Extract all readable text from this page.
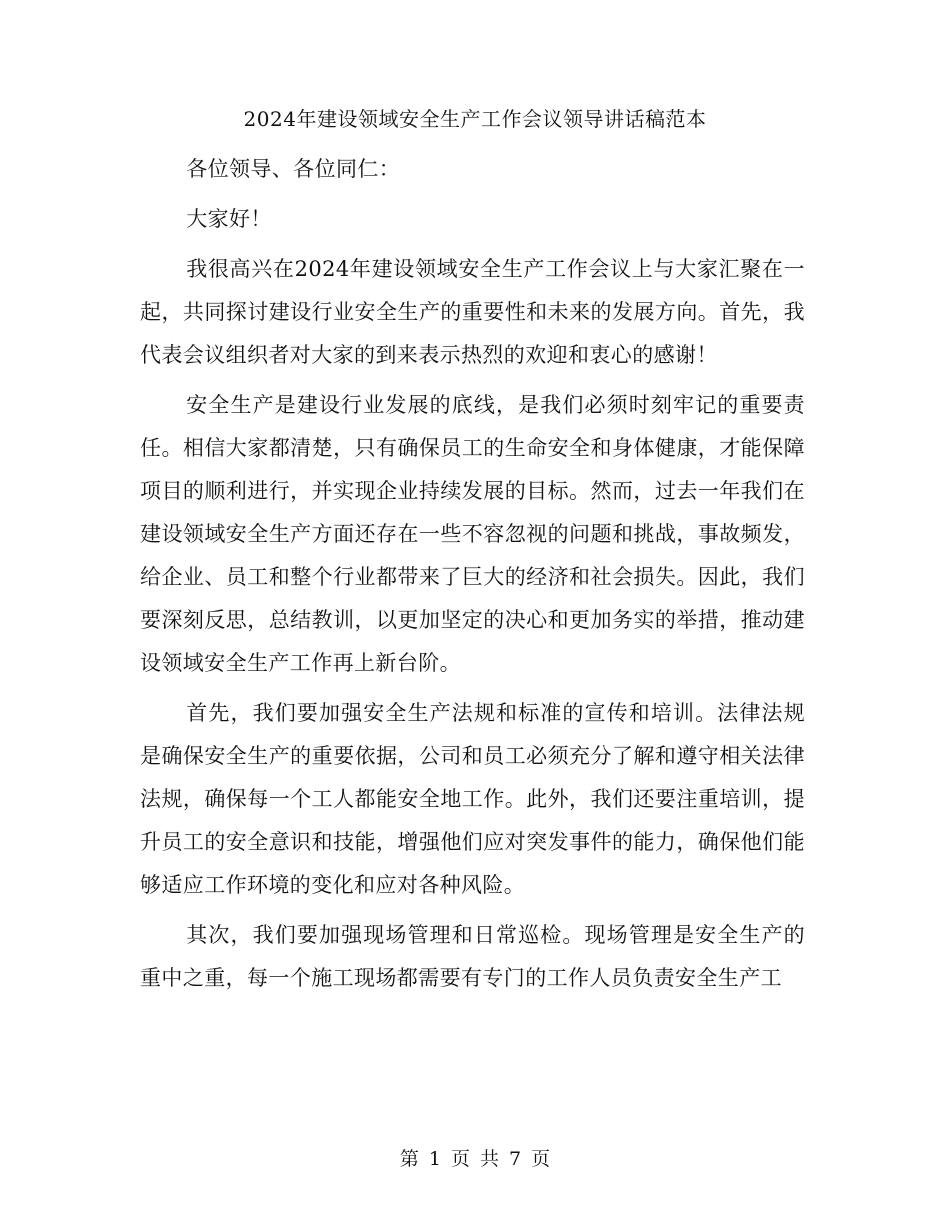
2024年建设领域安全生产工作会议领导讲话稿范本

各位领导、各位同仁：

大家好！

我很高兴在2024年建设领域安全生产工作会议上与大家汇聚在一起，共同探讨建设行业安全生产的重要性和未来的发展方向。首先，我代表会议组织者对大家的到来表示热烈的欢迎和衷心的感谢！

安全生产是建设行业发展的底线，是我们必须时刻牢记的重要责任。相信大家都清楚，只有确保员工的生命安全和身体健康，才能保障项目的顺利进行，并实现企业持续发展的目标。然而，过去一年我们在建设领域安全生产方面还存在一些不容忽视的问题和挑战，事故频发，给企业、员工和整个行业都带来了巨大的经济和社会损失。因此，我们要深刻反思，总结教训，以更加坚定的决心和更加务实的举措，推动建设领域安全生产工作再上新台阶。

首先，我们要加强安全生产法规和标准的宣传和培训。法律法规是确保安全生产的重要依据，公司和员工必须充分了解和遵守相关法律法规，确保每一个工人都能安全地工作。此外，我们还要注重培训，提升员工的安全意识和技能，增强他们应对突发事件的能力，确保他们能够适应工作环境的变化和应对各种风险。

其次，我们要加强现场管理和日常巡检。现场管理是安全生产的重中之重，每一个施工现场都需要有专门的工作人员负责安全生产工

第 1 页 共 7 页
